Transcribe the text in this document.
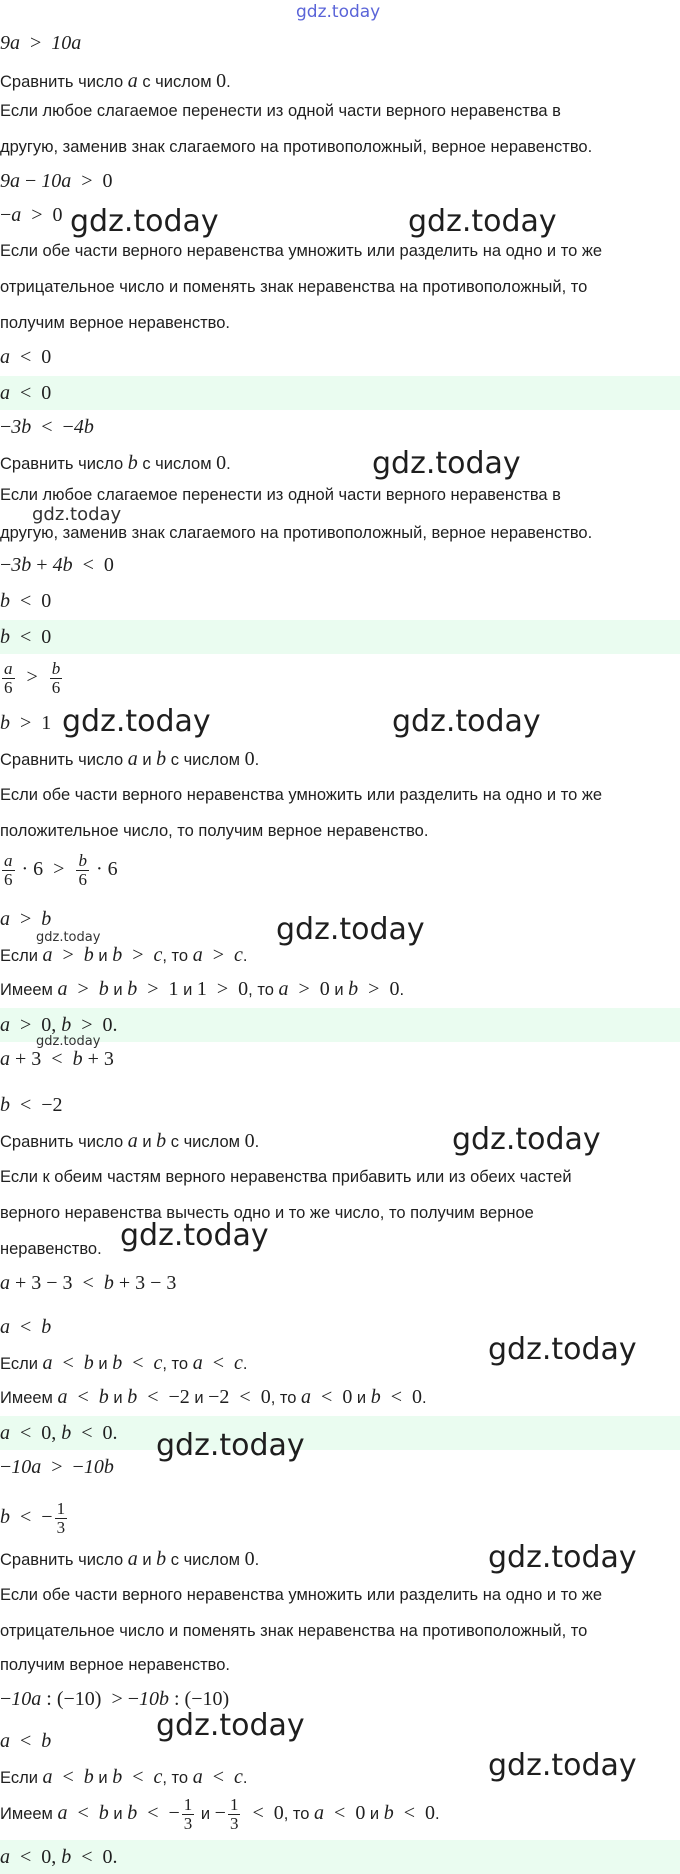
gdz.today
9a  >  10a
Сравнить число a с числом 0.
Если любое слагаемое перенести из одной части верного неравенства в
другую, заменив знак слагаемого на противоположный, верное неравенство.
9a − 10a  >  0
−a  >  0
Если обе части верного неравенства умножить или разделить на одно и то же
отрицательное число и поменять знак неравенства на противоположный, то
получим верное неравенство.
a  <  0
a  <  0
−3b  <  −4b
Сравнить число b с числом 0.
Если любое слагаемое перенести из одной части верного неравенства в
другую, заменив знак слагаемого на противоположный, верное неравенство.
−3b + 4b  <  0
b  <  0
b  <  0
$\frac{a}{6} > \frac{b}{6}$
b  >  1
Сравнить число a и b с числом 0.
Если обе части верного неравенства умножить или разделить на одно и то же
положительное число, то получим верное неравенство.
$\frac{a}{6} \cdot 6 > \frac{b}{6} \cdot 6$
a  >  b
Если a  >  b и b  >  c, то a  >  c.
Имеем a  >  b и b  >  1 и 1  >  0, то a  >  0 и b  >  0.
a  >  0, b  >  0.
a + 3  <  b + 3
b  <  −2
Сравнить число a и b с числом 0.
Если к обеим частям верного неравенства прибавить или из обеих частей
верного неравенства вычесть одно и то же число, то получим верное
неравенство.
a + 3 − 3  <  b + 3 − 3
a  <  b
Если a  <  b и b  <  c, то a  <  c.
Имеем a  <  b и b  <  −2 и −2  <  0, то a  <  0 и b  <  0.
a  <  0, b  <  0.
−10a  >  −10b
b  <  − $\frac{1}{3}$
Сравнить число a и b с числом 0.
Если обе части верного неравенства умножить или разделить на одно и то же
отрицательное число и поменять знак неравенства на противоположный, то
получим верное неравенство.
−10a : (−10)  > −10b : (−10)
a  <  b
Если a  <  b и b  <  c, то a  <  c.
Имеем a  <  b и b  <  − $\frac{1}{3}$ $и - \frac{1}{3} < 0$, то a  <  0 и b  <  0.
a  <  0, b  <  0.
gdz.today	gdz.today
gdz.today
gdz.today
gdz.today	gdz.today
gdz.today
gdz.today
gdz.today
gdz.today
gdz.today
gdz.today
gdz.today
gdz.today
gdz.today
gdz.today
